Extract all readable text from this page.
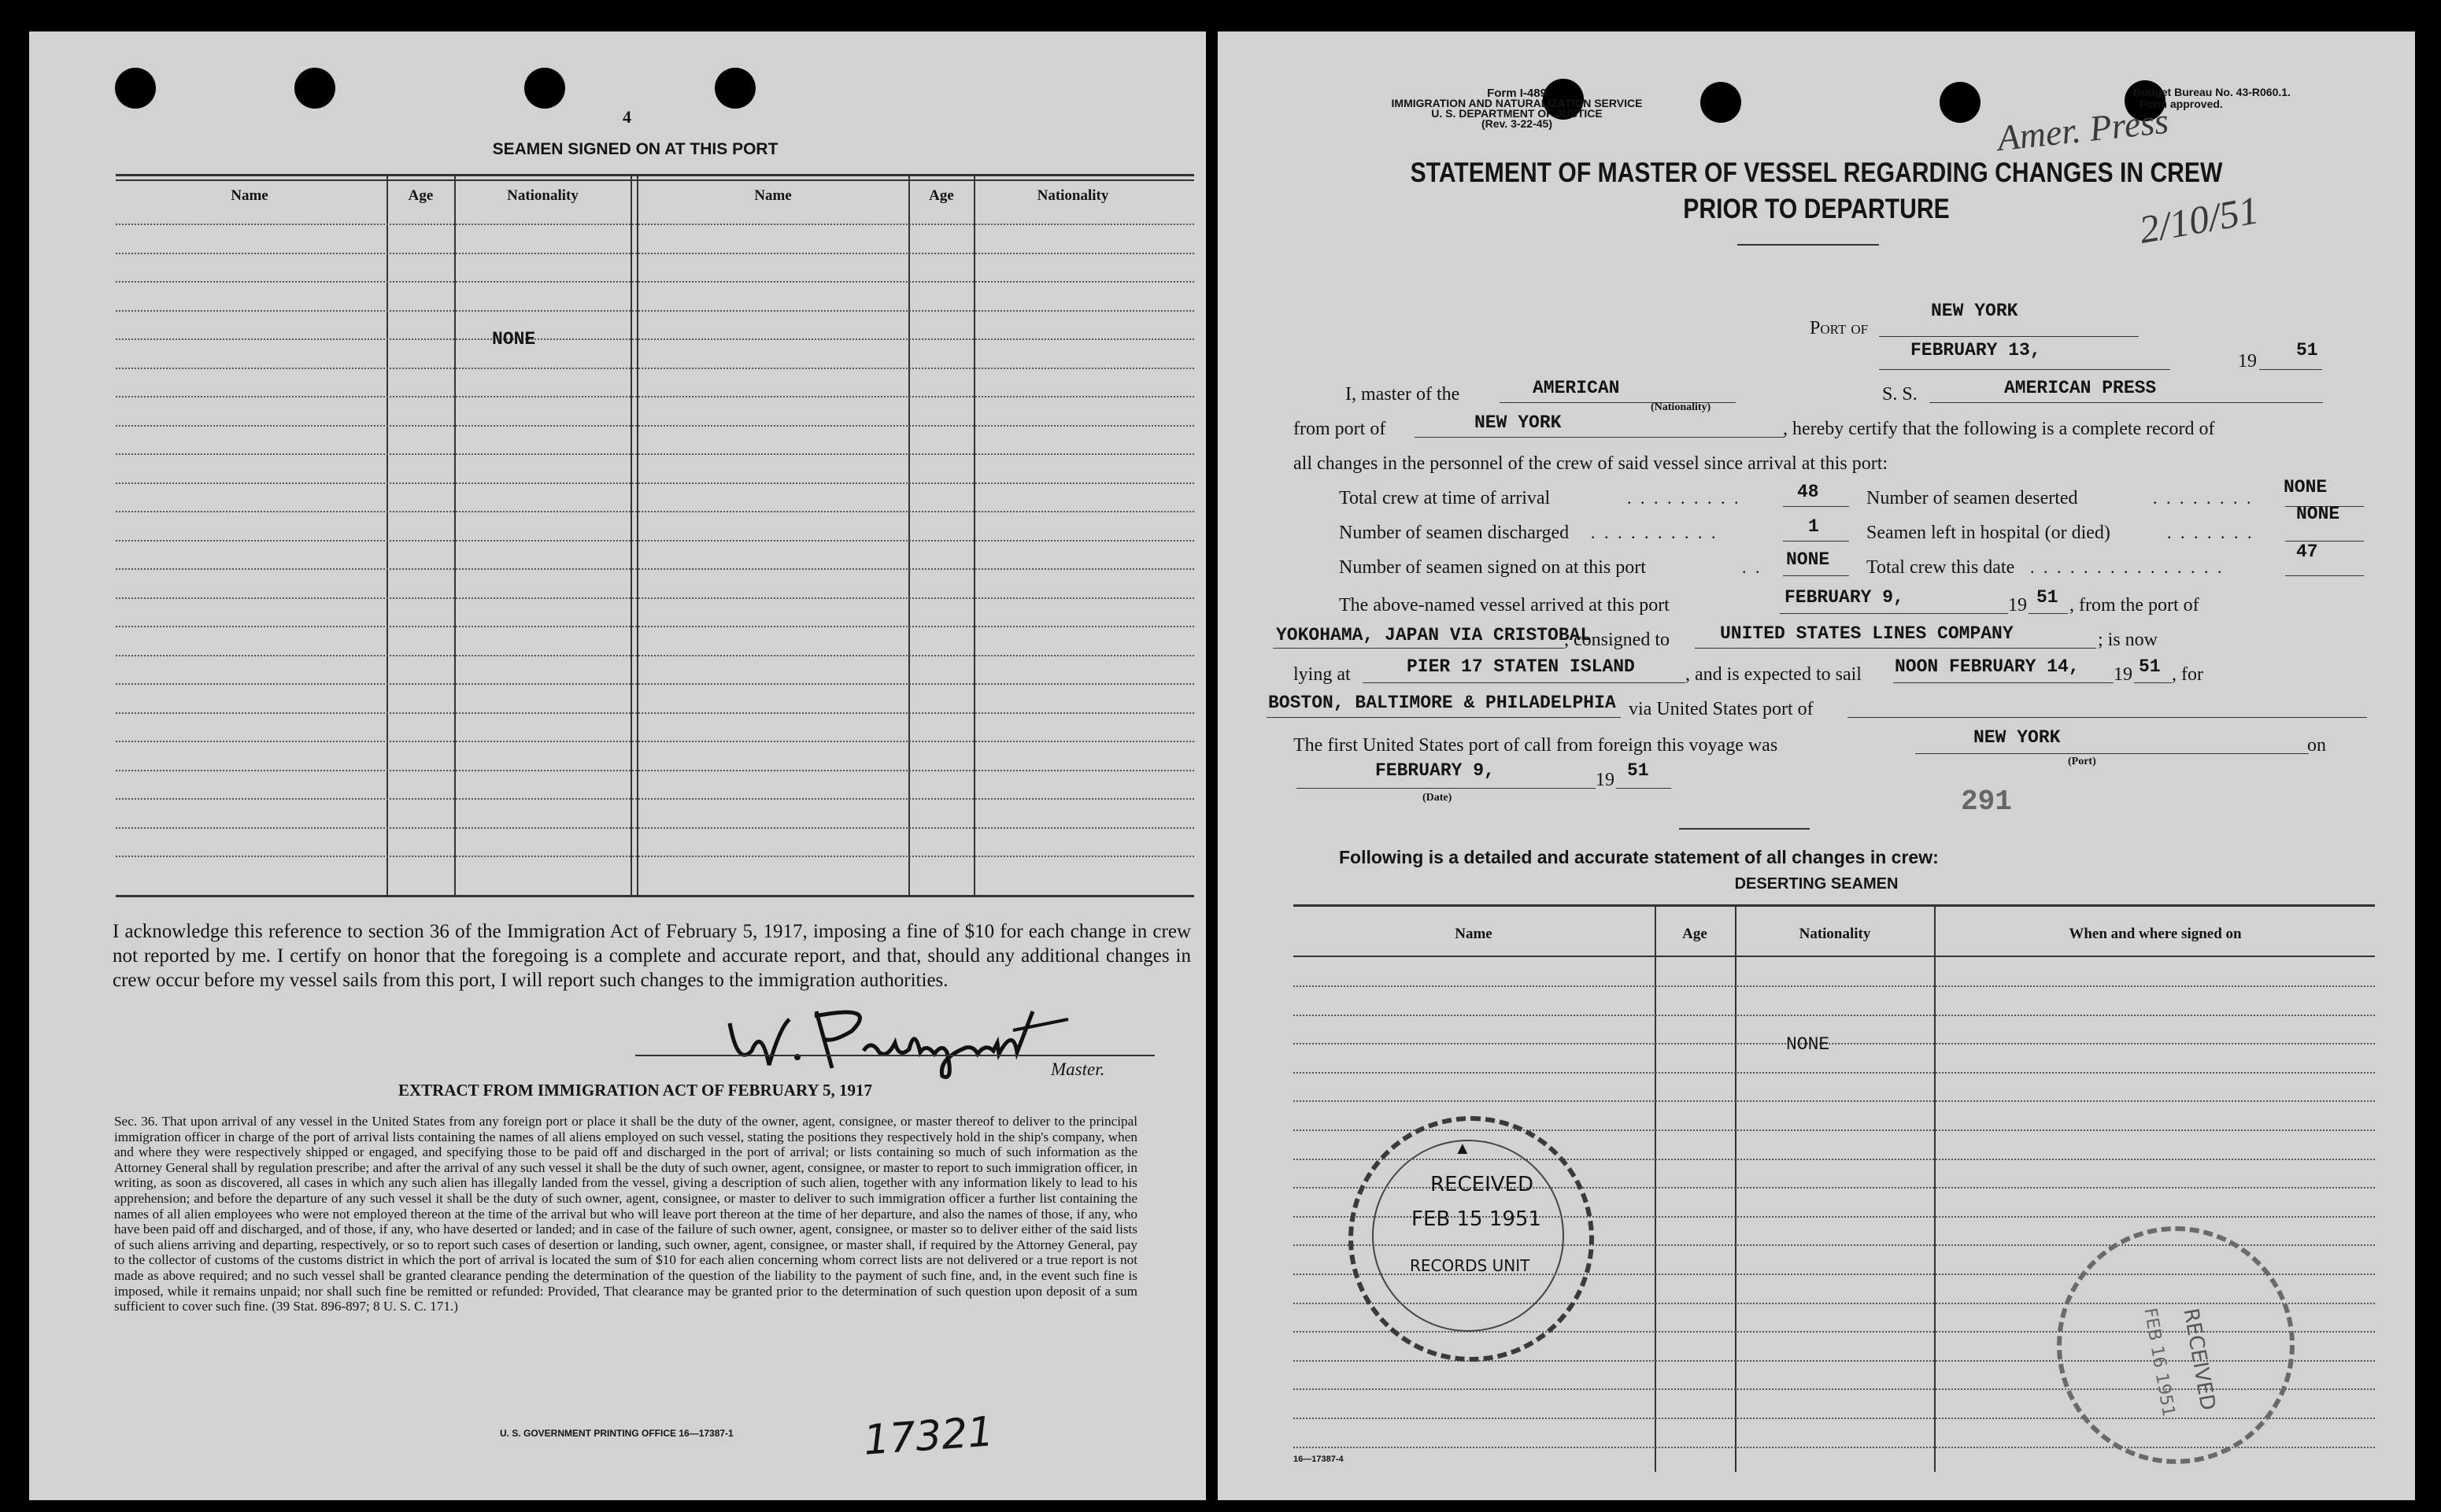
4
SEAMEN SIGNED ON AT THIS PORT
Name	Age	Nationality	Name	Age	Nationality
NONE
I acknowledge this reference to section 36 of the Immigration Act of February 5, 1917, imposing a fine of $10 for each change in crew not reported by me. I certify on honor that the foregoing is a complete and accurate report, and that, should any additional changes in crew occur before my vessel sails from this port, I will report such changes to the immigration authorities.
Master.
EXTRACT FROM IMMIGRATION ACT OF FEBRUARY 5, 1917
Sec. 36. That upon arrival of any vessel in the United States from any foreign port or place it shall be the duty of the owner, agent, consignee, or master thereof to deliver to the principal immigration officer in charge of the port of arrival lists containing the names of all aliens employed on such vessel, stating the positions they respectively hold in the ship's company, when and where they were respectively shipped or engaged, and specifying those to be paid off and discharged in the port of arrival; or lists containing so much of such information as the Attorney General shall by regulation prescribe; and after the arrival of any such vessel it shall be the duty of such owner, agent, consignee, or master to report to such immigration officer, in writing, as soon as discovered, all cases in which any such alien has illegally landed from the vessel, giving a description of such alien, together with any information likely to lead to his apprehension; and before the departure of any such vessel it shall be the duty of such owner, agent, consignee, or master to deliver to such immigration officer a further list containing the names of all alien employees who were not employed thereon at the time of the arrival but who will leave port thereon at the time of her departure, and also the names of those, if any, who have been paid off and discharged, and of those, if any, who have deserted or landed; and in case of the failure of such owner, agent, consignee, or master so to deliver either of the said lists of such aliens arriving and departing, respectively, or so to report such cases of desertion or landing, such owner, agent, consignee, or master shall, if required by the Attorney General, pay to the collector of customs of the customs district in which the port of arrival is located the sum of $10 for each alien concerning whom correct lists are not delivered or a true report is not made as above required; and no such vessel shall be granted clearance pending the determination of the question of the liability to the payment of such fine, and, in the event such fine is imposed, while it remains unpaid; nor shall such fine be remitted or refunded: Provided, That clearance may be granted prior to the determination of such question upon deposit of a sum sufficient to cover such fine. (39 Stat. 896-897; 8 U. S. C. 171.)
U. S. GOVERNMENT PRINTING OFFICE 16—17387-1	17321
Form I-489
IMMIGRATION AND NATURALIZATION SERVICE
U. S. DEPARTMENT OF JUSTICE
(Rev. 3-22-45)
Budget Bureau No. 43-R060.1.
Form approved.
Amer. Press
2/10/51
STATEMENT OF MASTER OF VESSEL REGARDING CHANGES IN CREW
PRIOR TO DEPARTURE
Port of
NEW YORK
FEBRUARY 13,
19
51
I, master of the	AMERICAN
(Nationality)
S. S.	AMERICAN PRESS
from port of	NEW YORK	, hereby certify that the following is a complete record of
all changes in the personnel of the crew of said vessel since arrival at this port:
Total crew at time of arrival	. . . . . . . . .	48
Number of seamen discharged . . . . . . . . . .	1
Number of seamen signed on at this port	. . NONE
Number of seamen deserted	. . . . . . . .
NONE
Seamen left in hospital (or died)	. . . . . . .
NONE
Total crew this date . . . . . . . . . . . . . . .
47
The above-named vessel arrived at this port	FEBRUARY 9,	19 51 , from the port of
YOKOHAMA, JAPAN VIA CRISTOBAL
, consigned to	UNITED STATES LINES COMPANY	; is now
lying at	PIER 17 STATEN ISLAND	, and is expected to sail NOON FEBRUARY 14, 19 51 , for
BOSTON, BALTIMORE & PHILADELPHIA via United States port of
The first United States port of call from foreign this voyage was	NEW YORK
(Port)
on
FEBRUARY 9,	19 51
(Date)	291
Following is a detailed and accurate statement of all changes in crew:
DESERTING SEAMEN
Name	Age	Nationality	When and where signed on
NONE
▲
RECEIVED
FEB 15 1951
RECORDS UNIT
RECEIVED
FEB 16 1951
16—17387-4
